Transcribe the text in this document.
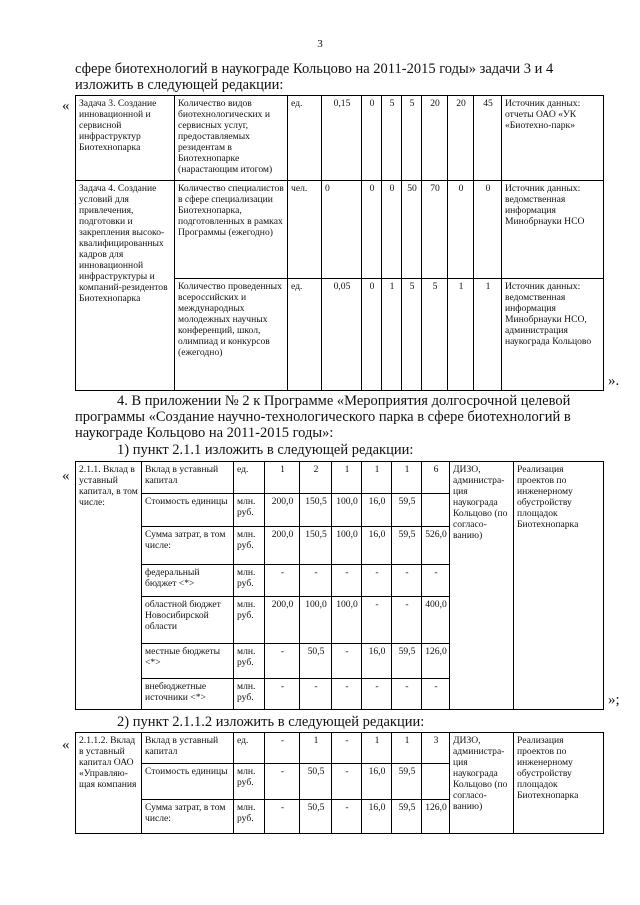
3
сфере биотехнологий в наукограде Кольцово на 2011-2015 годы» задачи 3 и 4
изложить в следующей редакции:
« Задача 3. Создание инновационной и сервисной инфраструктур Биотехнопарка	Количество видов биотехнологических и сервисных услуг, предоставляемых резидентам в Биотехнопарке (нарастающим итогом)	ед.	0,15	0	5	5	20	20	45	Источник данных: отчеты ОАО «УК «Биотехно-парк»
Задача 4. Создание условий для привлечения, подготовки и закрепления высоко-квалифицированных кадров для инновационной инфраструктуры и компаний-резидентов Биотехнопарка	Количество специалистов в сфере специализации Биотехнопарка, подготовленных в рамках Программы (ежегодно)	чел.	0	0	0	50	70	0	0	Источник данных: ведомственная информация Минобрнауки НСО
	Количество проведенных всероссийских и международных молодежных научных конференций, школ, олимпиад и конкурсов (ежегодно)	ед.	0,05	0	1	5	5	1	1	Источник данных: ведомственная информация Минобрнауки НСО, администрация наукограда Кольцово
».
4. В приложении № 2 к Программе «Мероприятия долгосрочной целевой
программы «Создание научно-технологического парка в сфере биотехнологий в
наукограде Кольцово на 2011-2015 годы»:
1) пункт 2.1.1 изложить в следующей редакции:
« 2.1.1. Вклад в уставный капитал, в том числе:	Вклад в уставный капитал	ед.	1	2	1	1	1	6	ДИЗО, администра-ция наукограда Кольцово (по согласо-ванию)	Реализация проектов по инженерному обустройству площадок Биотехнопарка
	Стоимость единицы	млн. руб.	200,0	150,5	100,0	16,0	59,5			
	Сумма затрат, в том числе:	млн. руб.	200,0	150,5	100,0	16,0	59,5	526,0		
	федеральный бюджет <*>	млн. руб.	-	-	-	-	-	-		
	областной бюджет Новосибирской области	млн. руб.	200,0	100,0	100,0	-	-	400,0		
	местные бюджеты <*>	млн. руб.	-	50,5	-	16,0	59,5	126,0		
	внебюджетные источники <*>	млн. руб.	-	-	-	-	-	-		
»;
2) пункт 2.1.1.2 изложить в следующей редакции:
« 2.1.1.2. Вклад в уставный капитал ОАО «Управляю-щая компания	Вклад в уставный капитал	ед.	-	1	-	1	1	3	ДИЗО, администра-ция наукограда Кольцово (по согласо-ванию)	Реализация проектов по инженерному обустройству площадок Биотехнопарка
	Стоимость единицы	млн. руб.	-	50,5	-	16,0	59,5			
	Сумма затрат, в том числе:	млн. руб.	-	50,5	-	16,0	59,5	126,0		
